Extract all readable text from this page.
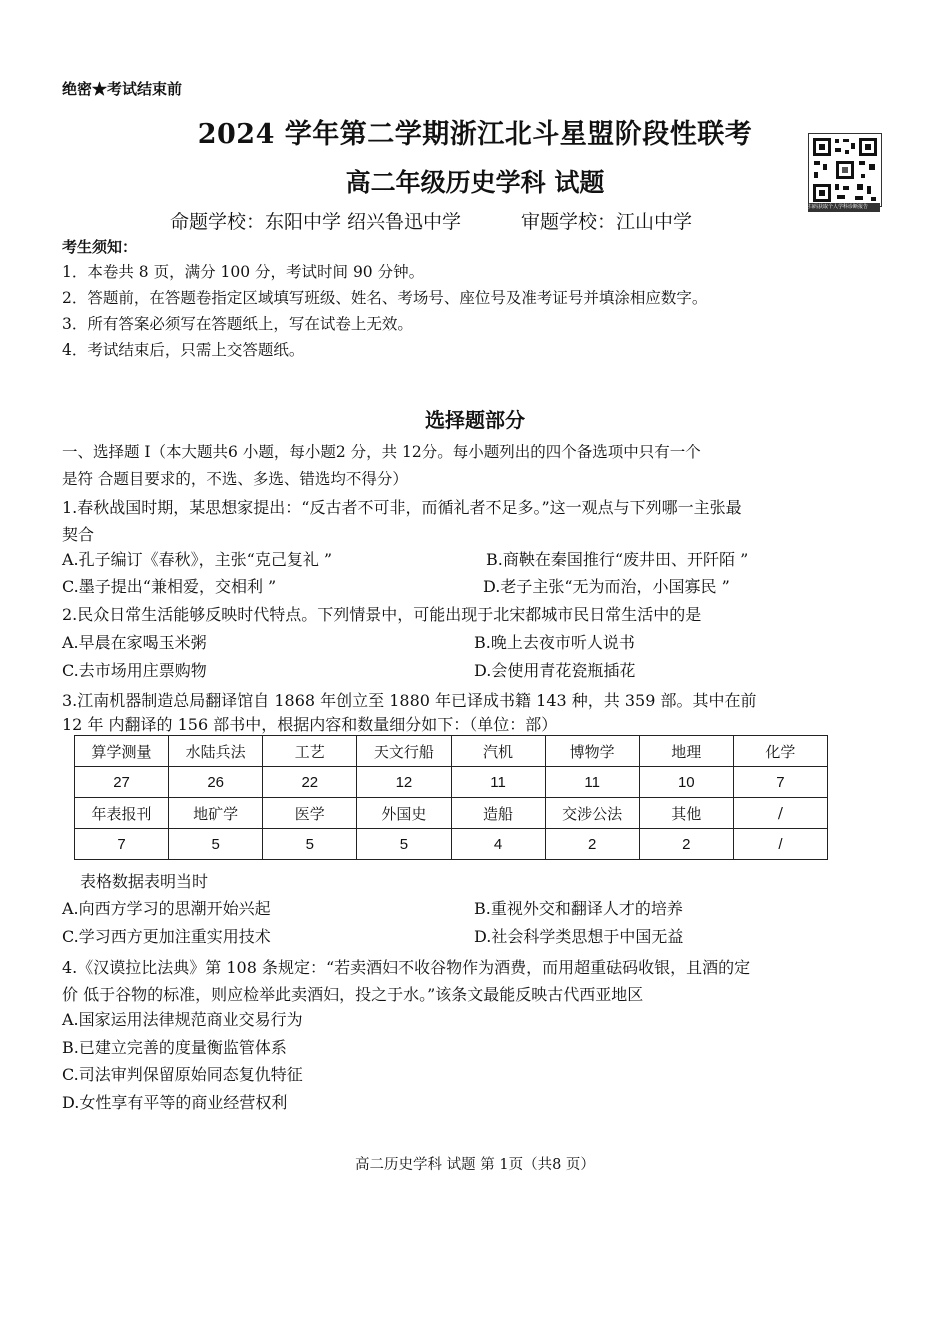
绝密★考试结束前
2024 学年第二学期浙江北斗星盟阶段性联考
高二年级历史学科 试题
命题学校：东阳中学 绍兴鲁迅中学	审题学校：江山中学
扫码获取个人学科诊断报告
考生须知：
1．本卷共 8 页，满分 100 分，考试时间 90 分钟。
2．答题前，在答题卷指定区域填写班级、姓名、考场号、座位号及准考证号并填涂相应数字。
3．所有答案必须写在答题纸上，写在试卷上无效。
4．考试结束后，只需上交答题纸。
选择题部分
一、选择题 Ⅰ（本大题共6 小题，每小题2 分，共 12分。每小题列出的四个备选项中只有一个
是符 合题目要求的，不选、多选、错选均不得分）
1.春秋战国时期，某思想家提出：“反古者不可非，而循礼者不足多。”这一观点与下列哪一主张最
契合
A.孔子编订《春秋》，主张“克己复礼 ”	B.商鞅在秦国推行“废井田、开阡陌 ”
C.墨子提出“兼相爱，交相利 ”	D.老子主张“无为而治，小国寡民 ”
2.民众日常生活能够反映时代特点。下列情景中，可能出现于北宋都城市民日常生活中的是
A.早晨在家喝玉米粥	B.晚上去夜市听人说书
C.去市场用庄票购物	D.会使用青花瓷瓶插花
3.江南机器制造总局翻译馆自 1868 年创立至 1880 年已译成书籍 143 种，共 359 部。其中在前
12 年 内翻译的 156 部书中，根据内容和数量细分如下：（单位：部）
算学测量	水陆兵法	工艺	天文行船	汽机	博物学	地理	化学
27	26	22	12	11	11	10	7
年表报刊	地矿学	医学	外国史	造船	交涉公法	其他	/
7	5	5	5	4	2	2	/
表格数据表明当时
A.向西方学习的思潮开始兴起	B.重视外交和翻译人才的培养
C.学习西方更加注重实用技术	D.社会科学类思想于中国无益
4.《汉谟拉比法典》第 108 条规定：“若卖酒妇不收谷物作为酒费，而用超重砝码收银，且酒的定
价 低于谷物的标准，则应检举此卖酒妇，投之于水。”该条文最能反映古代西亚地区
A.国家运用法律规范商业交易行为
B.已建立完善的度量衡监管体系
C.司法审判保留原始同态复仇特征
D.女性享有平等的商业经营权利
高二历史学科 试题 第 1页（共8 页）
